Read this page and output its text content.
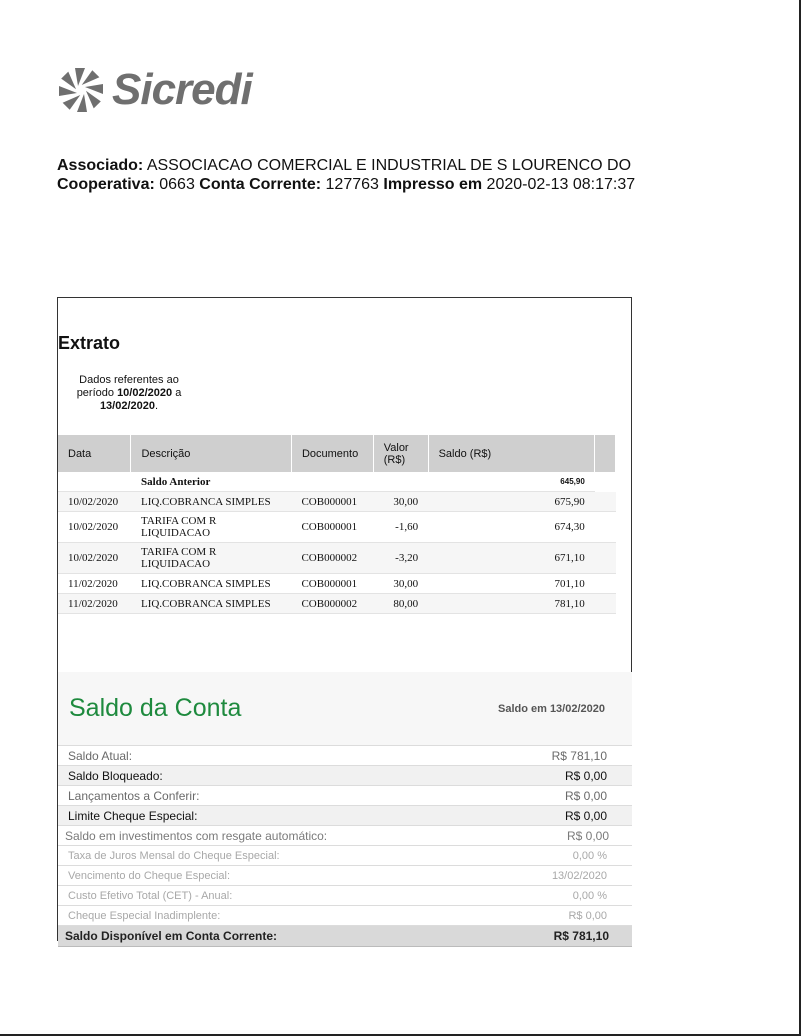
Sicredi
Associado: ASSOCIACAO COMERCIAL E INDUSTRIAL DE S LOURENCO DO
Cooperativa: 0663 Conta Corrente: 127763 Impresso em 2020-02-13 08:17:37
Extrato
Dados referentes ao período 10/02/2020 a 13/02/2020.
Data	Descrição	Documento	Valor (R$)	Saldo (R$)	
	Saldo Anterior			645,90	
10/02/2020	LIQ.COBRANCA SIMPLES	COB000001	30,00	675,90	
10/02/2020	TARIFA COM R LIQUIDACAO	COB000001	-1,60	674,30	
10/02/2020	TARIFA COM R LIQUIDACAO	COB000002	-3,20	671,10	
11/02/2020	LIQ.COBRANCA SIMPLES	COB000001	30,00	701,10	
11/02/2020	LIQ.COBRANCA SIMPLES	COB000002	80,00	781,10	
Saldo da Conta	Saldo em 13/02/2020
Saldo Atual:	R$ 781,10
Saldo Bloqueado:	R$ 0,00
Lançamentos a Conferir:	R$ 0,00
Limite Cheque Especial:	R$ 0,00
Saldo em investimentos com resgate automático:	R$ 0,00
Taxa de Juros Mensal do Cheque Especial:	0,00 %
Vencimento do Cheque Especial:	13/02/2020
Custo Efetivo Total (CET) - Anual:	0,00 %
Cheque Especial Inadimplente:	R$ 0,00
Saldo Disponível em Conta Corrente:	R$ 781,10
